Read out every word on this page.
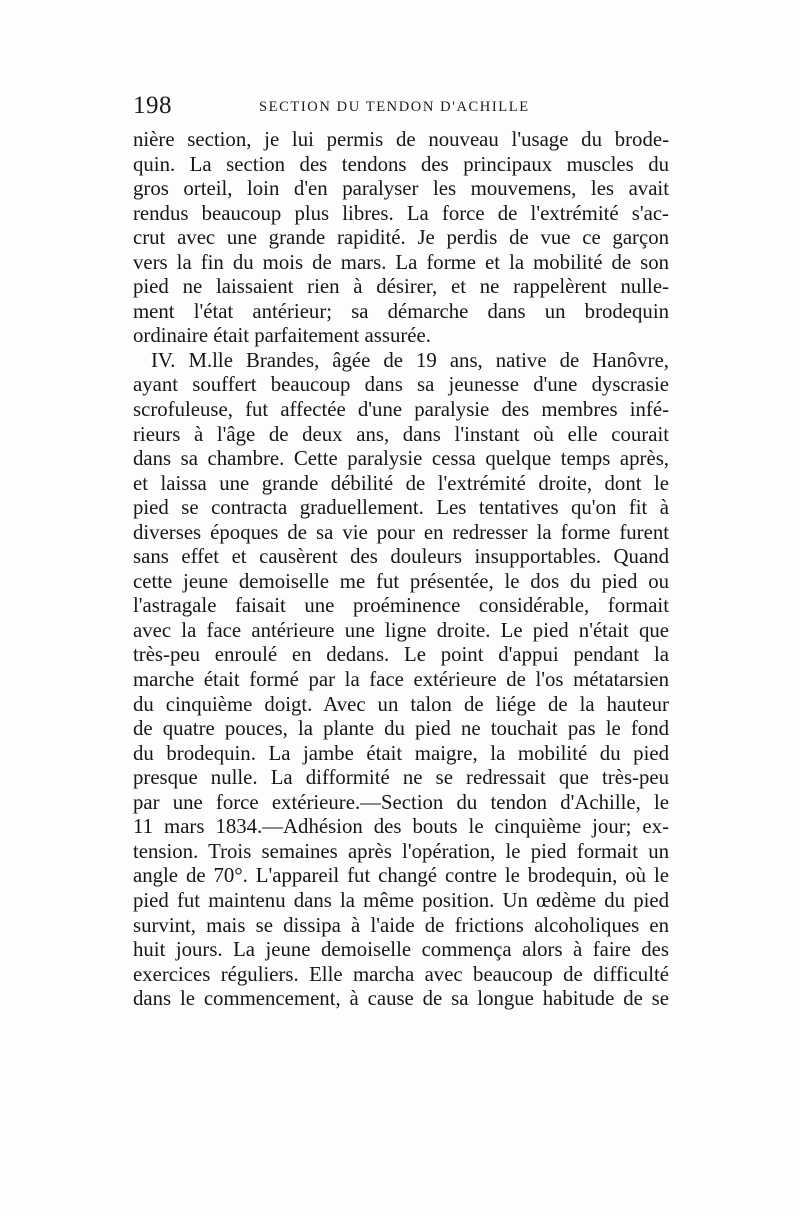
198	SECTION DU TENDON D'ACHILLE
nière section, je lui permis de nouveau l'usage du brode-
quin. La section des tendons des principaux muscles du
gros orteil, loin d'en paralyser les mouvemens, les avait
rendus beaucoup plus libres. La force de l'extrémité s'ac-
crut avec une grande rapidité. Je perdis de vue ce garçon
vers la fin du mois de mars. La forme et la mobilité de son
pied ne laissaient rien à désirer, et ne rappelèrent nulle-
ment l'état antérieur; sa démarche dans un brodequin
ordinaire était parfaitement assurée.
IV. M.lle Brandes, âgée de 19 ans, native de Hanôvre,
ayant souffert beaucoup dans sa jeunesse d'une dyscrasie
scrofuleuse, fut affectée d'une paralysie des membres infé-
rieurs à l'âge de deux ans, dans l'instant où elle courait
dans sa chambre. Cette paralysie cessa quelque temps après,
et laissa une grande débilité de l'extrémité droite, dont le
pied se contracta graduellement. Les tentatives qu'on fit à
diverses époques de sa vie pour en redresser la forme furent
sans effet et causèrent des douleurs insupportables. Quand
cette jeune demoiselle me fut présentée, le dos du pied ou
l'astragale faisait une proéminence considérable, formait
avec la face antérieure une ligne droite. Le pied n'était que
très-peu enroulé en dedans. Le point d'appui pendant la
marche était formé par la face extérieure de l'os métatarsien
du cinquième doigt. Avec un talon de liége de la hauteur
de quatre pouces, la plante du pied ne touchait pas le fond
du brodequin. La jambe était maigre, la mobilité du pied
presque nulle. La difformité ne se redressait que très-peu
par une force extérieure.—Section du tendon d'Achille, le
11 mars 1834.—Adhésion des bouts le cinquième jour; ex-
tension. Trois semaines après l'opération, le pied formait un
angle de 70°. L'appareil fut changé contre le brodequin, où le
pied fut maintenu dans la même position. Un œdème du pied
survint, mais se dissipa à l'aide de frictions alcoholiques en
huit jours. La jeune demoiselle commença alors à faire des
exercices réguliers. Elle marcha avec beaucoup de difficulté
dans le commencement, à cause de sa longue habitude de se
